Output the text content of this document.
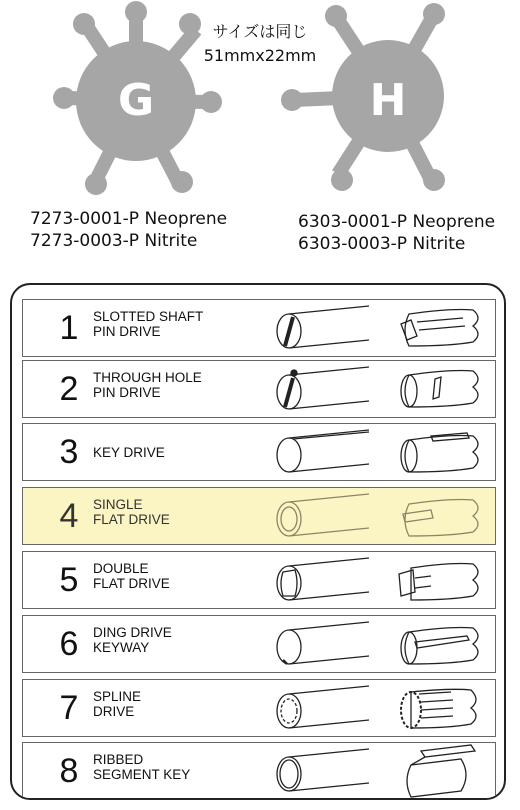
G	H
サイズは同じ
51mmx22mm
7273-0001-P Neoprene
7273-0003-P Nitrite
6303-0001-P Neoprene
6303-0003-P Nitrite
1	SLOTTED SHAFT
PIN DRIVE
2	THROUGH HOLE
PIN DRIVE
3	KEY DRIVE
4	SINGLE
FLAT DRIVE
5	DOUBLE
FLAT DRIVE
6	DING DRIVE
KEYWAY
7	SPLINE
DRIVE
8	RIBBED
SEGMENT KEY
